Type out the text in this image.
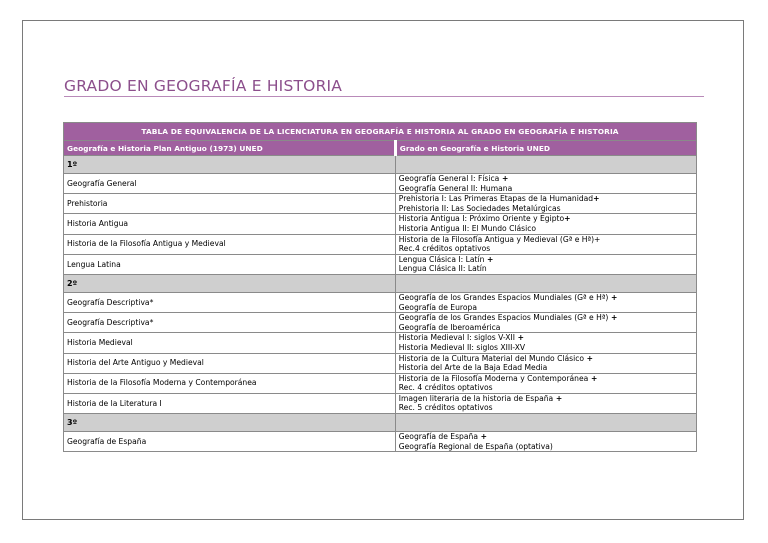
GRADO EN GEOGRAFÍA E HISTORIA
TABLA DE EQUIVALENCIA DE LA LICENCIATURA EN GEOGRAFÍA E HISTORIA AL GRADO EN GEOGRAFÍA E HISTORIA	
Geografía e Historia Plan Antiguo (1973) UNED	Grado en Geografía e Historia UNED
1º	
Geografía General	Geografía General I: Física +
Geografía General II: Humana

Prehistoria	Prehistoria I: Las Primeras Etapas de la Humanidad+
Prehistoria II: Las Sociedades Metalúrgicas

Historia Antigua	Historia Antigua I: Próximo Oriente y Egipto+
Historia Antigua II: El Mundo Clásico

Historia de la Filosofía Antigua y Medieval	Historia de la Filosofía Antigua y Medieval (Gª e Hª)+
Rec.4 créditos optativos

Lengua Latina	Lengua Clásica I: Latín +
Lengua Clásica II: Latín

2º	
Geografía Descriptiva*	Geografía de los Grandes Espacios Mundiales (Gª e Hª) +
Geografía de Europa

Geografía Descriptiva*	Geografía de los Grandes Espacios Mundiales (Gª e Hª) +
Geografía de Iberoamérica

Historia Medieval	Historia Medieval I: siglos V-XII +
Historia Medieval II: siglos XIII-XV

Historia del Arte Antiguo y Medieval	Historia de la Cultura Material del Mundo Clásico +
Historia del Arte de la Baja Edad Media

Historia de la Filosofía Moderna y Contemporánea	Historia de la Filosofía Moderna y Contemporánea +
Rec. 4 créditos optativos

Historia de la Literatura I	Imagen literaria de la historia de España +
Rec. 5 créditos optativos

3º	
Geografía de España	Geografía de España +
Geografía Regional de España (optativa)
